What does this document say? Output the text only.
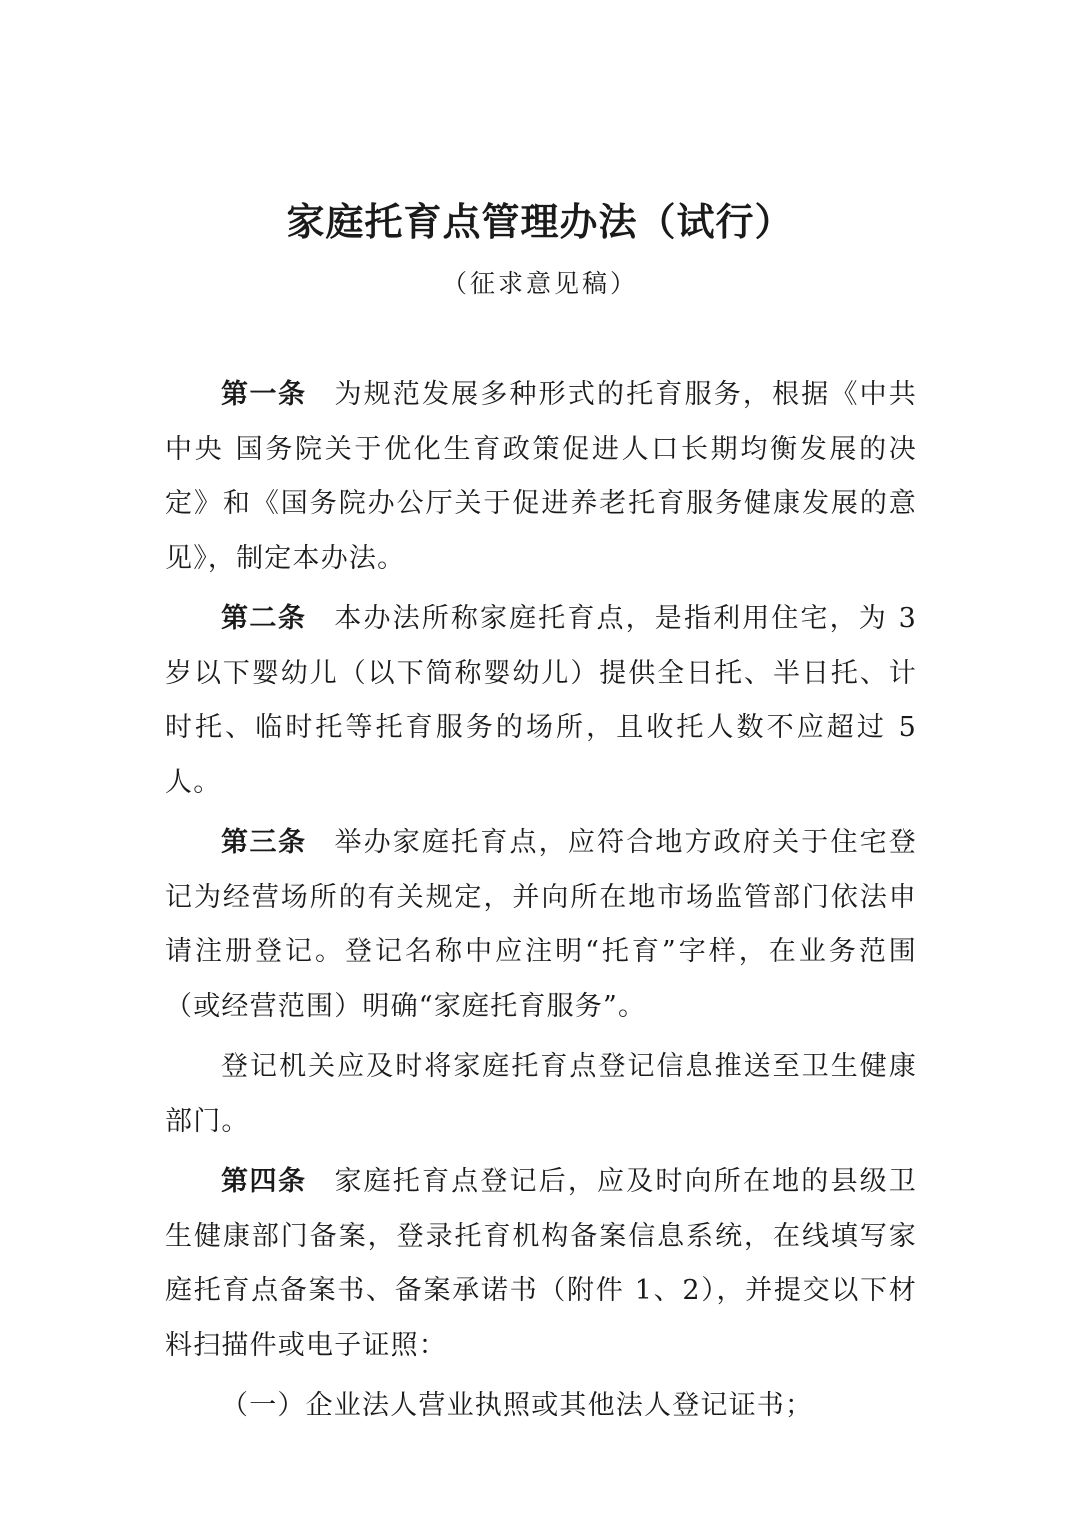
家庭托育点管理办法（试行）
（征求意见稿）

第一条 为规范发展多种形式的托育服务，根据《中共中央 国务院关于优化生育政策促进人口长期均衡发展的决定》和《国务院办公厅关于促进养老托育服务健康发展的意见》，制定本办法。

第二条 本办法所称家庭托育点，是指利用住宅，为 3 岁以下婴幼儿（以下简称婴幼儿）提供全日托、半日托、计时托、临时托等托育服务的场所，且收托人数不应超过 5 人。

第三条 举办家庭托育点，应符合地方政府关于住宅登记为经营场所的有关规定，并向所在地市场监管部门依法申请注册登记。登记名称中应注明“托育”字样，在业务范围（或经营范围）明确“家庭托育服务”。

登记机关应及时将家庭托育点登记信息推送至卫生健康部门。

第四条 家庭托育点登记后，应及时向所在地的县级卫生健康部门备案，登录托育机构备案信息系统，在线填写家庭托育点备案书、备案承诺书（附件 1、2），并提交以下材料扫描件或电子证照：

（一）企业法人营业执照或其他法人登记证书；
